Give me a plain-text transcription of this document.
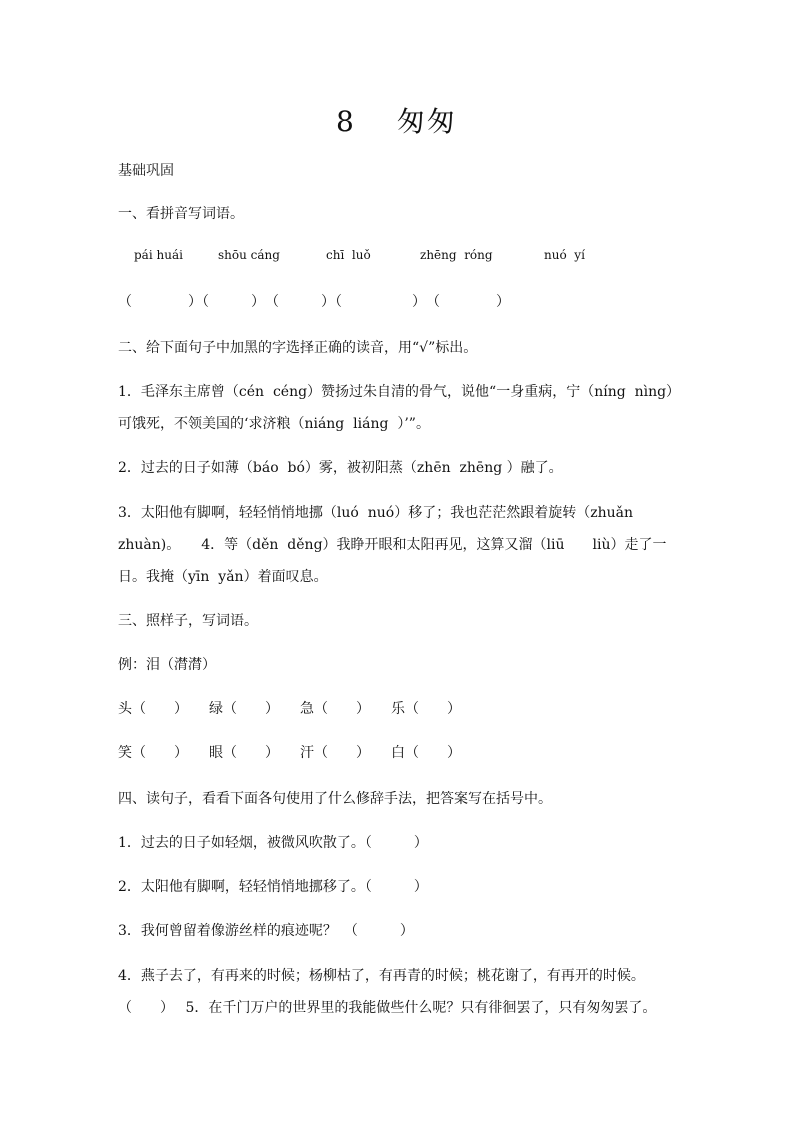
8　 匆匆
基础巩固
一、看拼音写词语。
pái huái	shōu cáng	chī  luǒ	zhēng  róng	nuó  yí
（　　　　）（　　　）　（　　　）（　　　　　）　（　　　　）
二、给下面句子中加黑的字选择正确的读音，用“√”标出。
1．毛泽东主席曾（cén  céng）赞扬过朱自清的骨气，说他“一身重病，宁（níng  nìng）
可饿死，不领美国的‘求济粮（niáng  liáng  ）’”。
2．过去的日子如薄（báo  bó）雾，被初阳蒸（zhēn  zhēng ）融了。
3．太阳他有脚啊，轻轻悄悄地挪（luó  nuó）移了；我也茫茫然跟着旋转（zhuǎn
zhuàn)。　　4．等（děn  děng）我睁开眼和太阳再见，这算又溜（liū　　liù）走了一
日。我掩（yīn  yǎn）着面叹息。
三、照样子，写词语。
例：泪（潸潸）
头（　　）　　绿（　　）　　急（　　）　　乐（　　）
笑（　　）　　眼（　　）　　汗（　　）　　白（　　）
四、读句子，看看下面各句使用了什么修辞手法，把答案写在括号中。
1．过去的日子如轻烟，被微风吹散了。（　　　）
2．太阳他有脚啊，轻轻悄悄地挪移了。（　　　）
3．我何曾留着像游丝样的痕迹呢？　（　　　）
4．燕子去了，有再来的时候；杨柳枯了，有再青的时候；桃花谢了，有再开的时候。
（　　）　 5．在千门万户的世界里的我能做些什么呢？只有徘徊罢了，只有匆匆罢了。
